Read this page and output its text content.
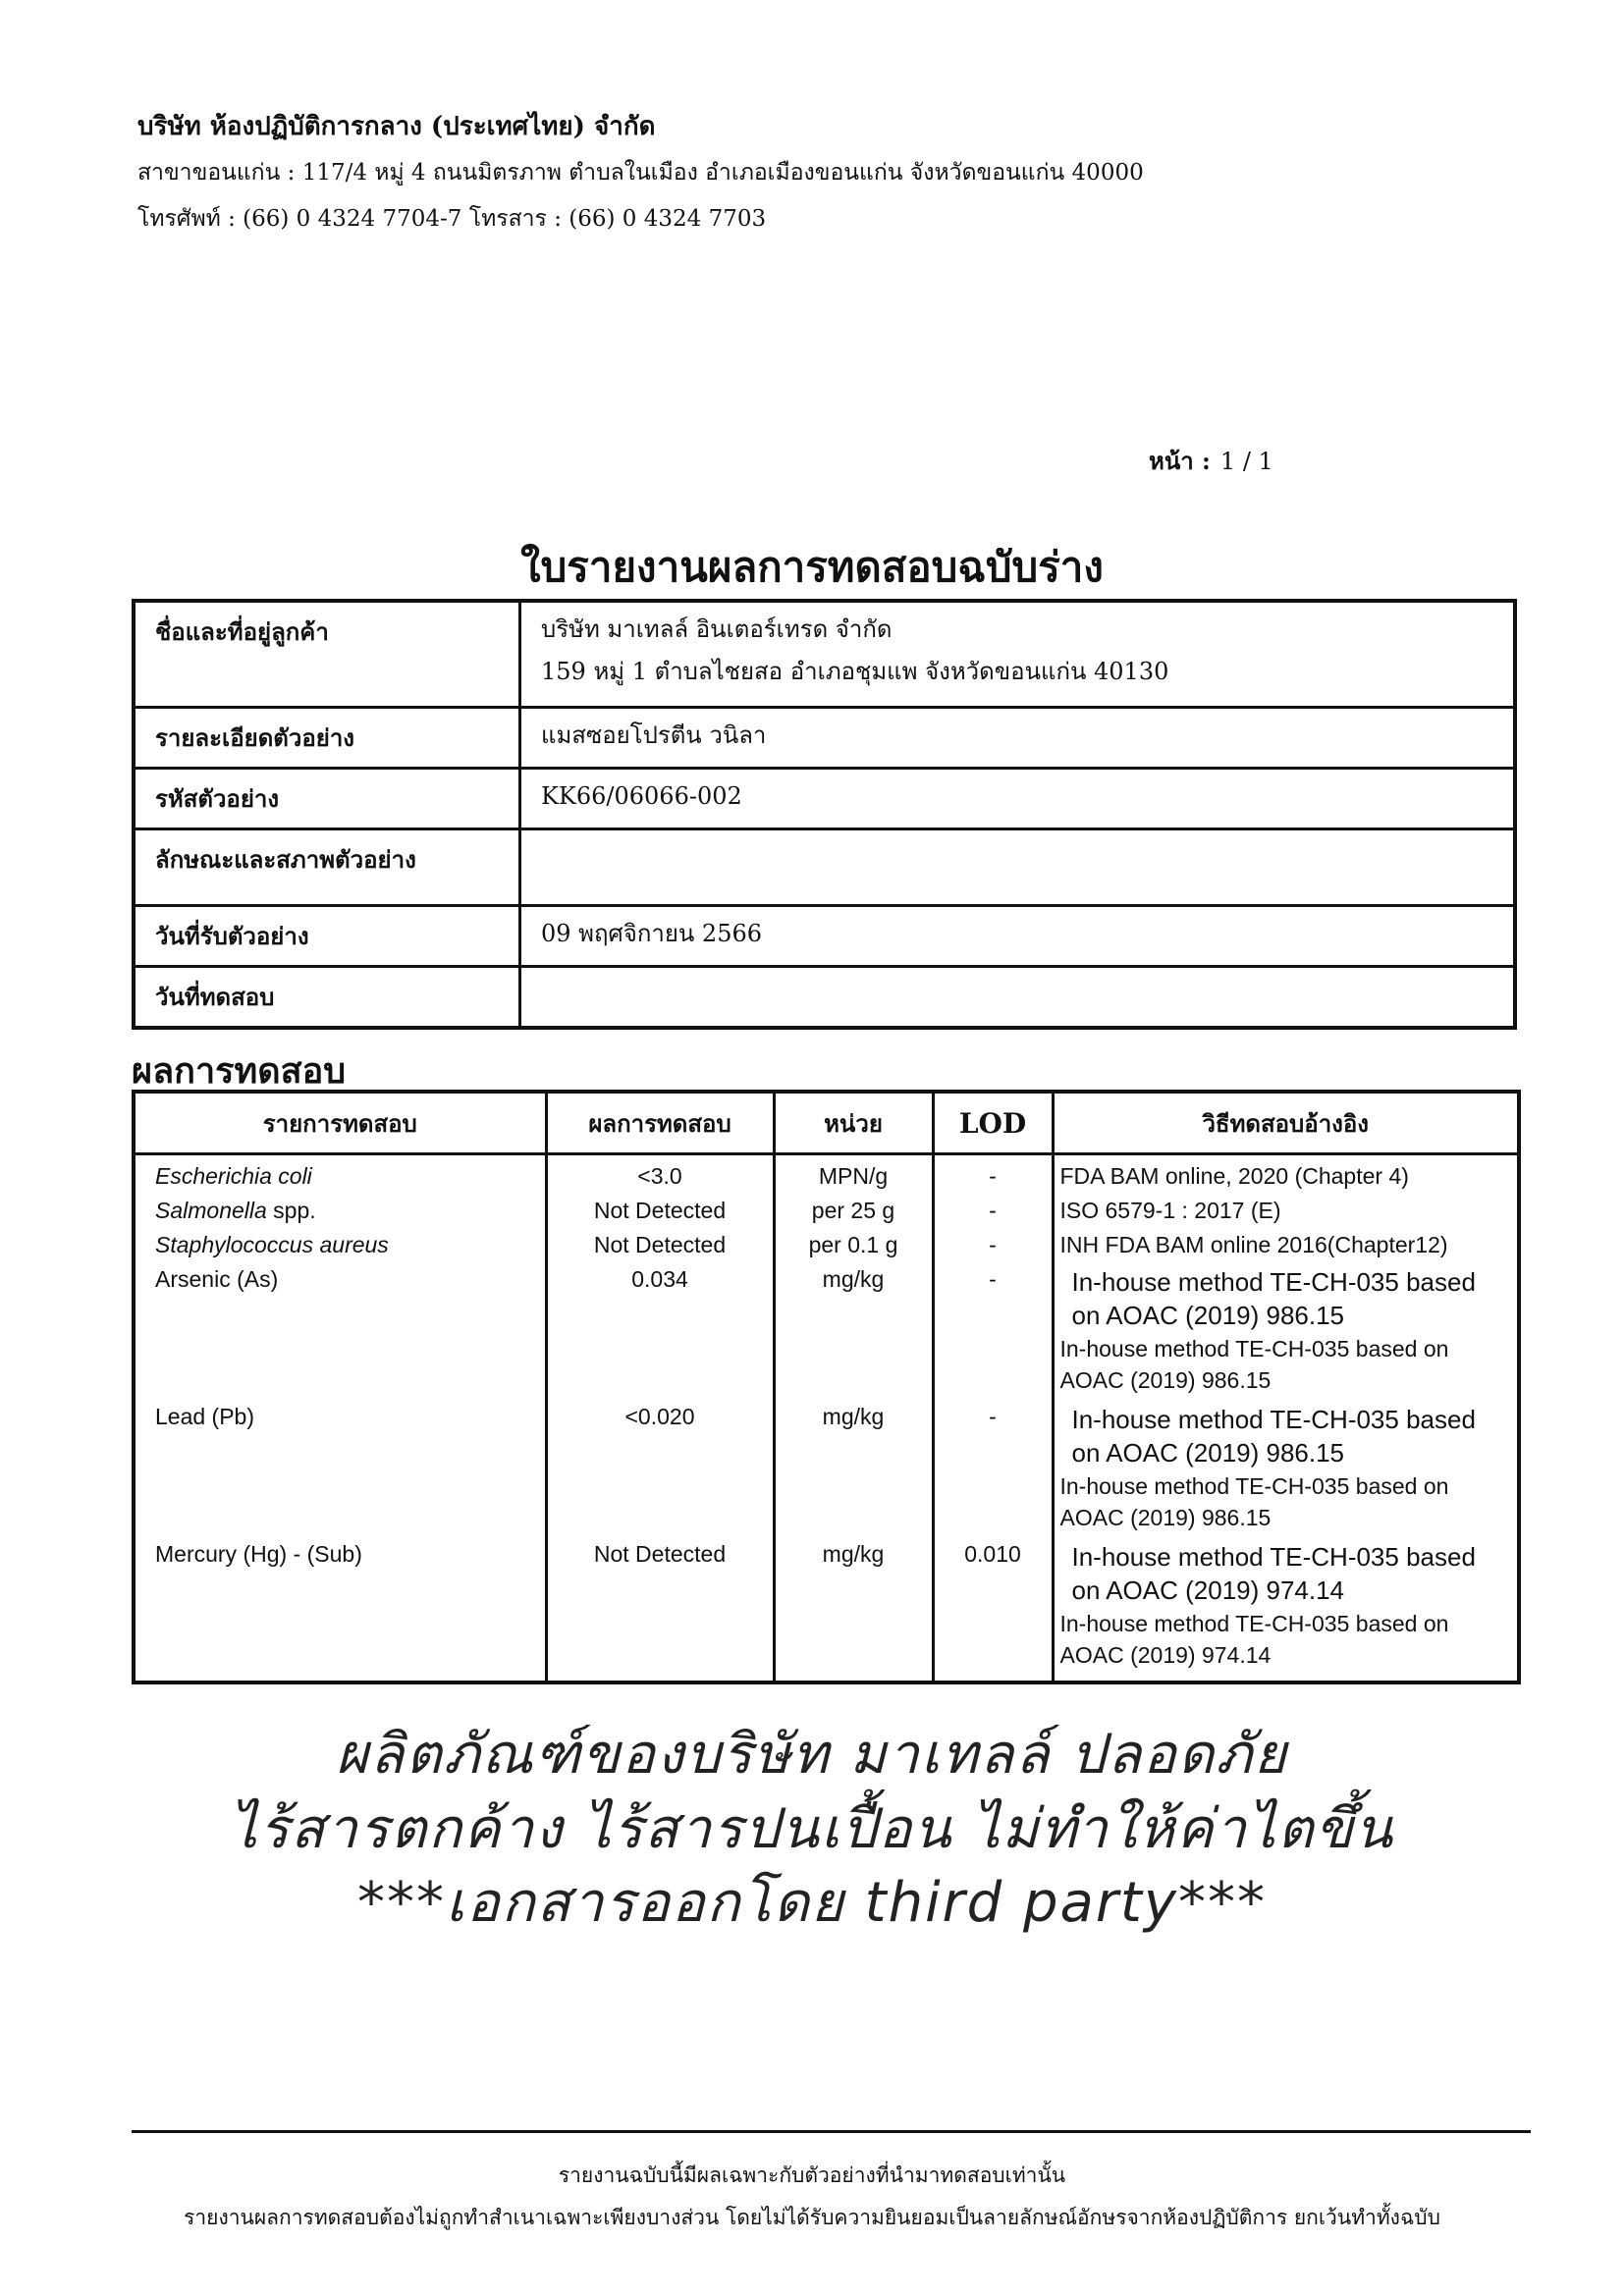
บริษัท ห้องปฏิบัติการกลาง (ประเทศไทย) จำกัด
สาขาขอนแก่น : 117/4 หมู่ 4 ถนนมิตรภาพ ตำบลในเมือง อำเภอเมืองขอนแก่น จังหวัดขอนแก่น 40000
โทรศัพท์ : (66) 0 4324 7704-7 โทรสาร : (66) 0 4324 7703
หน้า : 1 / 1
ใบรายงานผลการทดสอบฉบับร่าง
ชื่อและที่อยู่ลูกค้า	บริษัท มาเทลล์ อินเตอร์เทรด จำกัด
159 หมู่ 1 ตำบลไชยสอ อำเภอชุมแพ จังหวัดขอนแก่น 40130

รายละเอียดตัวอย่าง	แมสซอยโปรตีน วนิลา
รหัสตัวอย่าง	KK66/06066-002
ลักษณะและสภาพตัวอย่าง	
วันที่รับตัวอย่าง	09 พฤศจิกายน 2566
วันที่ทดสอบ	
ผลการทดสอบ
รายการทดสอบ	ผลการทดสอบ	หน่วย	LOD	วิธีทดสอบอ้างอิง
Escherichia coli	<3.0	MPN/g	-	FDA BAM online, 2020 (Chapter 4)
Salmonella spp.	Not Detected	per 25 g	-	ISO 6579-1 : 2017 (E)
Staphylococcus aureus	Not Detected	per 0.1 g	-	INH FDA BAM online 2016(Chapter12)
Arsenic (As)	0.034	mg/kg	-	In-house method TE-CH-035 based on AOAC (2019) 986.15
In-house method TE-CH-035 based on AOAC (2019) 986.15
Lead (Pb)	<0.020	mg/kg	-	In-house method TE-CH-035 based on AOAC (2019) 986.15
In-house method TE-CH-035 based on AOAC (2019) 986.15
Mercury (Hg) - (Sub)	Not Detected	mg/kg	0.010	In-house method TE-CH-035 based on AOAC (2019) 974.14
In-house method TE-CH-035 based on AOAC (2019) 974.14
ผลิตภัณฑ์ของบริษัท มาเทลล์ ปลอดภัย
ไร้สารตกค้าง ไร้สารปนเปื้อน ไม่ทำให้ค่าไตขึ้น
***เอกสารออกโดย third party***
รายงานฉบับนี้มีผลเฉพาะกับตัวอย่างที่นำมาทดสอบเท่านั้น
รายงานผลการทดสอบต้องไม่ถูกทำสำเนาเฉพาะเพียงบางส่วน โดยไม่ได้รับความยินยอมเป็นลายลักษณ์อักษรจากห้องปฏิบัติการ ยกเว้นทำทั้งฉบับ
